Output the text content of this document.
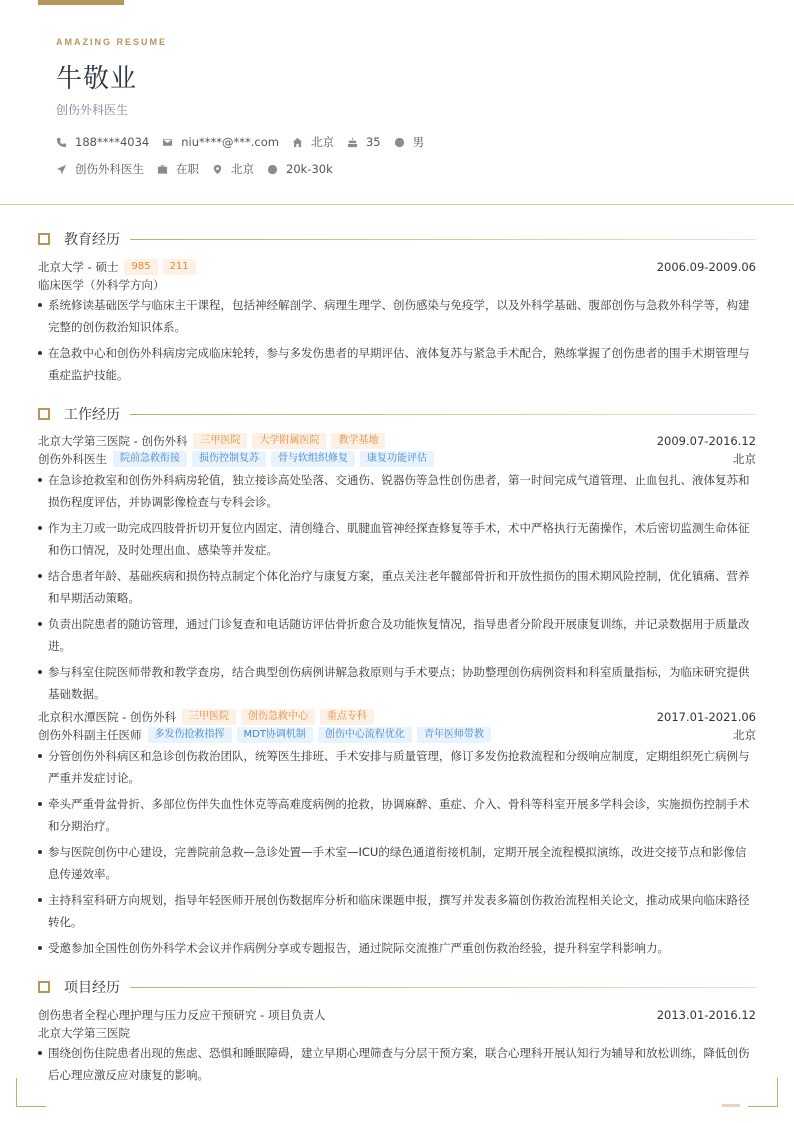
AMAZING RESUME
牛敬业
创伤外科医生
188****4034	niu****@***.com	北京	35	男
创伤外科医生	在职	北京	20k-30k
教育经历
北京大学 - 硕士	985	211	2006.09-2009.06
临床医学（外科学方向）
系统修读基础医学与临床主干课程，包括神经解剖学、病理生理学、创伤感染与免疫学，以及外科学基础、腹部创伤与急救外科学等，构建完整的创伤救治知识体系。
在急救中心和创伤外科病房完成临床轮转，参与多发伤患者的早期评估、液体复苏与紧急手术配合，熟练掌握了创伤患者的围手术期管理与重症监护技能。
工作经历
北京大学第三医院 - 创伤外科	三甲医院	大学附属医院	教学基地	2009.07-2016.12
创伤外科医生	院前急救衔接	损伤控制复苏	骨与软组织修复	康复功能评估	北京
在急诊抢救室和创伤外科病房轮值，独立接诊高处坠落、交通伤、锐器伤等急性创伤患者，第一时间完成气道管理、止血包扎、液体复苏和损伤程度评估，并协调影像检查与专科会诊。
作为主刀或一助完成四肢骨折切开复位内固定、清创缝合、肌腱血管神经探查修复等手术，术中严格执行无菌操作，术后密切监测生命体征和伤口情况，及时处理出血、感染等并发症。
结合患者年龄、基础疾病和损伤特点制定个体化治疗与康复方案，重点关注老年髋部骨折和开放性损伤的围术期风险控制，优化镇痛、营养和早期活动策略。
负责出院患者的随访管理，通过门诊复查和电话随访评估骨折愈合及功能恢复情况，指导患者分阶段开展康复训练，并记录数据用于质量改进。
参与科室住院医师带教和教学查房，结合典型创伤病例讲解急救原则与手术要点；协助整理创伤病例资料和科室质量指标，为临床研究提供基础数据。
北京积水潭医院 - 创伤外科	三甲医院	创伤急救中心	重点专科	2017.01-2021.06
创伤外科副主任医师	多发伤抢救指挥	MDT协调机制	创伤中心流程优化	青年医师带教	北京
分管创伤外科病区和急诊创伤救治团队，统筹医生排班、手术安排与质量管理，修订多发伤抢救流程和分级响应制度，定期组织死亡病例与严重并发症讨论。
牵头严重骨盆骨折、多部位伤伴失血性休克等高难度病例的抢救，协调麻醉、重症、介入、骨科等科室开展多学科会诊，实施损伤控制手术和分期治疗。
参与医院创伤中心建设，完善院前急救—急诊处置—手术室—ICU的绿色通道衔接机制，定期开展全流程模拟演练，改进交接节点和影像信息传递效率。
主持科室科研方向规划，指导年轻医师开展创伤数据库分析和临床课题申报，撰写并发表多篇创伤救治流程相关论文，推动成果向临床路径转化。
受邀参加全国性创伤外科学术会议并作病例分享或专题报告，通过院际交流推广严重创伤救治经验，提升科室学科影响力。
项目经历
创伤患者全程心理护理与压力反应干预研究 - 项目负责人	2013.01-2016.12
北京大学第三医院
围绕创伤住院患者出现的焦虑、恐惧和睡眠障碍，建立早期心理筛查与分层干预方案，联合心理科开展认知行为辅导和放松训练，降低创伤后心理应激反应对康复的影响。
